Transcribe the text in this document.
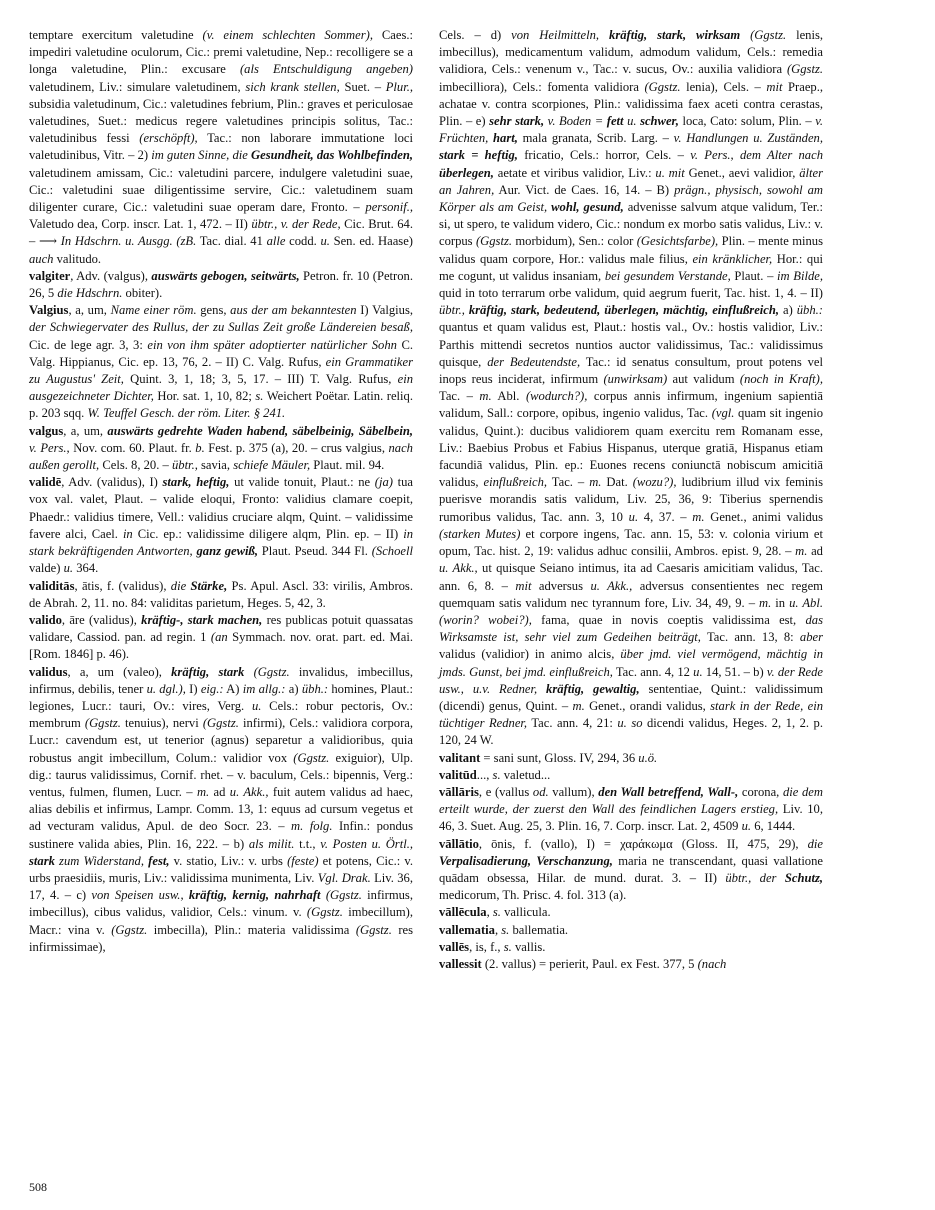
temptare exercitum valetudine (v. einem schlechten Sommer), Caes.: impediri valetudine oculorum, Cic.: premi valetudine, Nep.: recolligere se a longa valetudine, Plin.: excusare (als Entschuldigung angeben) valetudinem, Liv.: simulare valetudinem, sich krank stellen, Suet. – Plur., subsidia valetudinum, Cic.: valetudines febrium, Plin.: graves et periculosae valetudines, Suet.: medicus regere valetudines principis solitus, Tac.: valetudinibus fessi (erschöpft), Tac.: non laborare immutatione loci valetudinibus, Vitr. – 2) im guten Sinne, die Gesundheit, das Wohlbefinden, valetudinem amissam, Cic.: valetudini parcere, indulgere valetudini suae, Cic.: valetudini suae diligentissime servire, Cic.: valetudinem suam diligenter curare, Cic.: valetudini suae operam dare, Fronto. – personif., Valetudo dea, Corp. inscr. Lat. 1, 472. – II) übtr., v. der Rede, Cic. Brut. 64. – ⟶ In Hdschrn. u. Ausgg. (zB. Tac. dial. 41 alle codd. u. Sen. ed. Haase) auch valitudo.

valgiter, Adv. (valgus), auswärts gebogen, seitwärts, Petron. fr. 10 (Petron. 26, 5 die Hdschrn. obiter).

Valgius, a, um, Name einer röm. gens, aus der am bekanntesten I) Valgius, der Schwiegervater des Rullus, der zu Sullas Zeit große Ländereien besaß, Cic. de lege agr. 3, 3: ein von ihm später adoptierter natürlicher Sohn C. Valg. Hippianus, Cic. ep. 13, 76, 2. – II) C. Valg. Rufus, ein Grammatiker zu Augustus' Zeit, Quint. 3, 1, 18; 3, 5, 17. – III) T. Valg. Rufus, ein ausgezeichneter Dichter, Hor. sat. 1, 10, 82; s. Weichert Poëtar. Latin. reliq. p. 203 sqq. W. Teuffel Gesch. der röm. Liter. § 241.

valgus, a, um, auswärts gedrehte Waden habend, säbelbeinig, Säbelbein, v. Pers., Nov. com. 60. Plaut. fr. b. Fest. p. 375 (a), 20. – crus valgius, nach außen gerollt, Cels. 8, 20. – übtr., savia, schiefe Mäuler, Plaut. mil. 94.

validē, Adv. (validus), I) stark, heftig, ut valide tonuit, Plaut.: ne (ja) tua vox val. valet, Plaut. – valide eloqui, Fronto: validius clamare coepit, Phaedr.: validius timere, Vell.: validius cruciare alqm, Quint. – validissime favere alci, Cael. in Cic. ep.: validissime diligere alqm, Plin. ep. – II) in stark bekräftigenden Antworten, ganz gewiß, Plaut. Pseud. 344 Fl. (Schoell valde) u. 364.

validitās, ātis, f. (validus), die Stärke, Ps. Apul. Ascl. 33: virilis, Ambros. de Abrah. 2, 11. no. 84: validitas parietum, Heges. 5, 42, 3.

valido, āre (validus), kräftig-, stark machen, res publicas potuit quassatas validare, Cassiod. pan. ad regin. 1 (an Symmach. nov. orat. part. ed. Mai. [Rom. 1846] p. 46).

validus, a, um (valeo), kräftig, stark (Ggstz. invalidus, imbecillus, infirmus, debilis, tener u. dgl.), I) eig.: A) im allg.: a) übh.: homines, Plaut.: legiones, Lucr.: tauri, Ov.: vires, Verg. u. Cels.: robur pectoris, Ov.: membrum (Ggstz. tenuius), nervi (Ggstz. infirmi), Cels.: validiora corpora, Lucr.: cavendum est, ut tenerior (agnus) separetur a validioribus, quia robustus angit imbecillum, Colum.: validior vox (Ggstz. exiguior), Ulp. dig.: taurus validissimus, Cornif. rhet. – v. baculum, Cels.: bipennis, Verg.: ventus, fulmen, flumen, Lucr. – m. ad u. Akk., fuit autem validus ad haec, alias debilis et infirmus, Lampr. Comm. 13, 1: equus ad cursum vegetus et ad vecturam validus, Apul. de deo Socr. 23. – m. folg. Infin.: pondus sustinere valida abies, Plin. 16, 222. – b) als milit. t.t., v. Posten u. Örtl., stark zum Widerstand, fest, v. statio, Liv.: v. urbs (feste) et potens, Cic.: v. urbs praesidiis, muris, Liv.: validissima munimenta, Liv. Vgl. Drak. Liv. 36, 17, 4. – c) von Speisen usw., kräftig, kernig, nahrhaft (Ggstz. infirmus, imbecillus), cibus validus, validior, Cels.: vinum. v. (Ggstz. imbecillum), Macr.: vina v. (Ggstz. imbecilla), Plin.: materia validissima (Ggstz. res infirmissimae),

Cels. – d) von Heilmitteln, kräftig, stark, wirksam (Ggstz. lenis, imbecillus), medicamentum validum, admodum validum, Cels.: remedia validiora, Cels.: venenum v., Tac.: v. sucus, Ov.: auxilia validiora (Ggstz. imbecilliora), Cels.: fomenta validiora (Ggstz. lenia), Cels. – mit Praep., achatae v. contra scorpiones, Plin.: validissima faex aceti contra cerastas, Plin. – e) sehr stark, v. Boden = fett u. schwer, loca, Cato: solum, Plin. – v. Früchten, hart, mala granata, Scrib. Larg. – v. Handlungen u. Zuständen, stark = heftig, fricatio, Cels.: horror, Cels. – v. Pers., dem Alter nach überlegen, aetate et viribus validior, Liv.: u. mit Genet., aevi validior, älter an Jahren, Aur. Vict. de Caes. 16, 14. – B) prägn., physisch, sowohl am Körper als am Geist, wohl, gesund, advenisse salvum atque validum, Ter.: si, ut spero, te validum videro, Cic.: nondum ex morbo satis validus, Liv.: v. corpus (Ggstz. morbidum), Sen.: color (Gesichtsfarbe), Plin. – mente minus validus quam corpore, Hor.: validus male filius, ein kränklicher, Hor.: qui me cogunt, ut validus insaniam, bei gesundem Verstande, Plaut. – im Bilde, quid in toto terrarum orbe validum, quid aegrum fuerit, Tac. hist. 1, 4. – II) übtr., kräftig, stark, bedeutend, überlegen, mächtig, einflußreich, a) übh.: quantus et quam validus est, Plaut.: hostis val., Ov.: hostis validior, Liv.: Parthis mittendi secretos nuntios auctor validissimus, Tac.: validissimus quisque, der Bedeutendste, Tac.: id senatus consultum, prout potens vel inops reus inciderat, infirmum (unwirksam) aut validum (noch in Kraft), Tac. – m. Abl. (wodurch?), corpus annis infirmum, ingenium sapientiā validum, Sall.: corpore, opibus, ingenio validus, Tac. (vgl. quam sit ingenio validus, Quint.): ducibus validiorem quam exercitu rem Romanam esse, Liv.: Baebius Probus et Fabius Hispanus, uterque gratiā, Hispanus etiam facundiā validus, Plin. ep.: Euones recens coniunctā nobiscum amicitiā validus, einflußreich, Tac. – m. Dat. (wozu?), ludibrium illud vix feminis puerisve morandis satis validum, Liv. 25, 36, 9: Tiberius spernendis rumoribus validus, Tac. ann. 3, 10 u. 4, 37. – m. Genet., animi validus (starken Mutes) et corpore ingens, Tac. ann. 15, 53: v. colonia virium et opum, Tac. hist. 2, 19: validus adhuc consilii, Ambros. epist. 9, 28. – m. ad u. Akk., ut quisque Seiano intimus, ita ad Caesaris amicitiam validus, Tac. ann. 6, 8. – mit adversus u. Akk., adversus consentientes nec regem quemquam satis validum nec tyrannum fore, Liv. 34, 49, 9. – m. in u. Abl. (worin? wobei?), fama, quae in novis coeptis validissima est, das Wirksamste ist, sehr viel zum Gedeihen beiträgt, Tac. ann. 13, 8: aber validus (validior) in animo alcis, über jmd. viel vermögend, mächtig in jmds. Gunst, bei jmd. einflußreich, Tac. ann. 4, 12 u. 14, 51. – b) v. der Rede usw., u.v. Redner, kräftig, gewaltig, sententiae, Quint.: validissimum (dicendi) genus, Quint. – m. Genet., orandi validus, stark in der Rede, ein tüchtiger Redner, Tac. ann. 4, 21: u. so dicendi validus, Heges. 2, 1, 2. p. 120, 24 W.

valitant = sani sunt, Gloss. IV, 294, 36 u.ö.

valitūd..., s. valetud...

vāllāris, e (vallus od. vallum), den Wall betreffend, Wall-, corona, die dem erteilt wurde, der zuerst den Wall des feindlichen Lagers erstieg, Liv. 10, 46, 3. Suet. Aug. 25, 3. Plin. 16, 7. Corp. inscr. Lat. 2, 4509 u. 6, 1444.

vāllātio, ōnis, f. (vallo), I) = χαράκωμα (Gloss. II, 475, 29), die Verpalisadierung, Verschanzung, maria ne transcendant, quasi vallatione quādam obsessa, Hilar. de mund. durat. 3. – II) übtr., der Schutz, medicorum, Th. Prisc. 4. fol. 313 (a).

vāllēcula, s. vallicula.

vallematia, s. ballematia.

vallēs, is, f., s. vallis.

vallessit (2. vallus) = perierit, Paul. ex Fest. 377, 5 (nach

508
